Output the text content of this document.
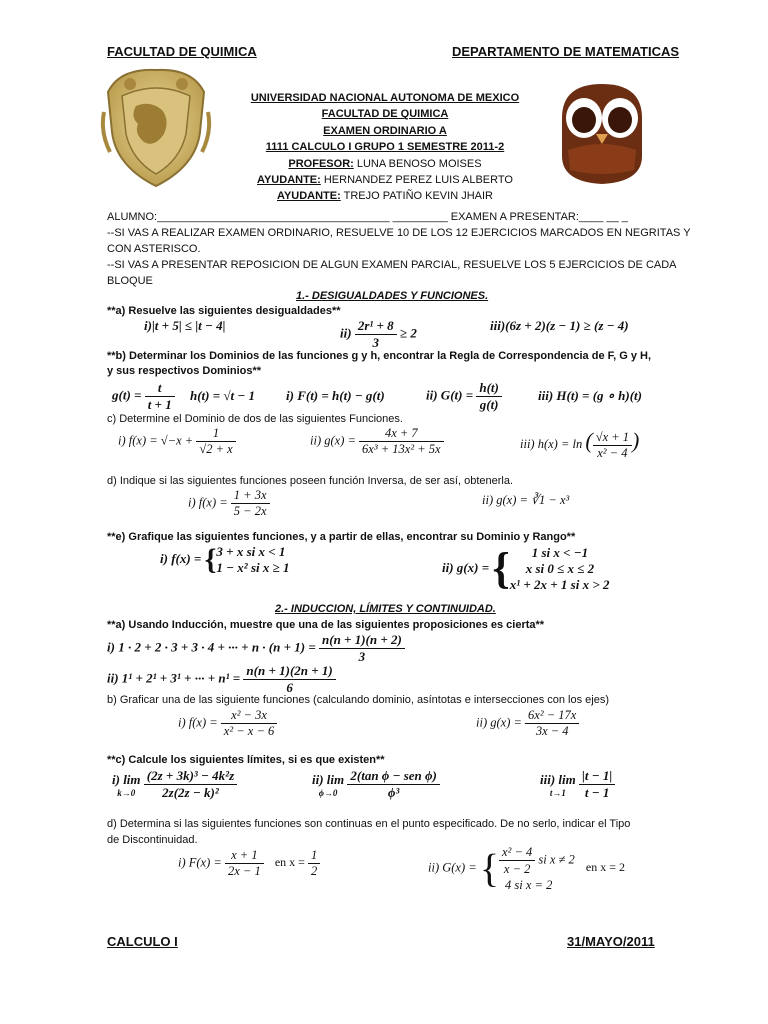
FACULTAD DE QUIMICA	DEPARTAMENTO DE MATEMATICAS
UNIVERSIDAD NACIONAL AUTONOMA DE MEXICO
FACULTAD DE QUIMICA
EXAMEN ORDINARIO A
1111 CALCULO I GRUPO 1 SEMESTRE 2011-2
PROFESOR: LUNA BENOSO MOISES
AYUDANTE: HERNANDEZ PEREZ LUIS ALBERTO
AYUDANTE: TREJO PATIÑO KEVIN JHAIR
ALUMNO:______________________________________ _________ EXAMEN A PRESENTAR:____ __ _
--SI VAS A REALIZAR EXAMEN ORDINARIO, RESUELVE 10 DE LOS 12 EJERCICIOS MARCADOS EN NEGRITAS Y
CON ASTERISCO.
--SI VAS A PRESENTAR REPOSICION DE ALGUN EXAMEN PARCIAL, RESUELVE LOS 5 EJERCICIOS DE CADA
BLOQUE
1.- DESIGUALDADES Y FUNCIONES.
**a) Resuelve las siguientes desigualdades**
i)|t + 5| ≤ |t − 4|	$ii) \frac{\text{2r¹ + 8}}{3} \ge 2$	iii)(6z + 2)(z − 1) ≥ (z − 4)
**b) Determinar los Dominios de las funciones g y h, encontrar la Regla de Correspondencia de F, G y H,
y sus respectivos Dominios**
$g(t) = \frac{t}{t + 1} h(t) = √t - 1$ i) F(t) = h(t) − g(t)	ii) $G(t) = \frac{h(t)}{g(t)}$	iii) H(t) = (g ∘ h)(t)
c) Determine el Dominio de dos de las siguientes Funciones.
i) $f(x) = √-x + \frac{1}{√2 + x}$	ii) $g(x) = \frac{4x + 7}{\text{6x³ + 13x² + 5x}}$	iii) h(x) = ln ( $\frac{√x + 1}{\text{x² − 4}}$ )
d) Indique si las siguientes funciones poseen función Inversa, de ser así, obtenerla.
i) $f(x) = \frac{1 + 3x}{5 - 2x}$	ii) g(x) = ∛1 − x³
**e) Grafique las siguientes funciones, y a partir de ellas, encontrar su Dominio y Rango**
i) f(x) = { 3 + x si x < 1
1 − x² si x ≥ 1	ii) g(x) = {	1 si x < −1
x si 0 ≤ x ≤ 2
x¹ + 2x + 1 si x > 2
2.- INDUCCION, LÍMITES Y CONTINUIDAD.
**a) Usando Inducción, muestre que una de las siguientes proposiciones es cierta**
i) 1 · 2 + 2 · 3 + 3 · 4 + ··· + $n \cdot (n + 1) = \frac{n(n + 1)(n + 2)}{3}$
ii) 1¹ + 2¹ + 3¹ + ··· + $n^1 = \frac{n(n + 1)(2n + 1)}{6}$
b) Graficar una de las siguiente funciones (calculando dominio, asíntotas e intersecciones con los ejes)
i) $f(x) = \frac{\text{x² − 3x}}{\text{x² − x − 6}}$	ii) $g(x) = \frac{\text{6x² − 17x}}{3x - 4}$
**c) Calcule los siguientes límites, si es que existen**
i) lim
k→0
$\frac{\text{(2z + 3k)³ − 4k²z}}{\text{2z(2z − k)²}}$	ii) lim
ϕ→0
$\frac{\text{2(tan ϕ − sen ϕ)}}{\text{ϕ³}}$	iii) lim
t→1
	$\frac{|t - 1|}{t - 1}$
d) Determina si las siguientes funciones son continuas en el punto especificado. De no serlo, indicar el Tipo
de Discontinuidad.
i) $F(x) = \frac{x + 1}{2x - 1}$ en $x = \frac{1}{2}$	ii) G(x) = { $\frac{\text{x² − 4}}{x - 2}$ si x ≠ 2
4 si x = 2
en x = 2
CALCULO I	31/MAYO/2011
